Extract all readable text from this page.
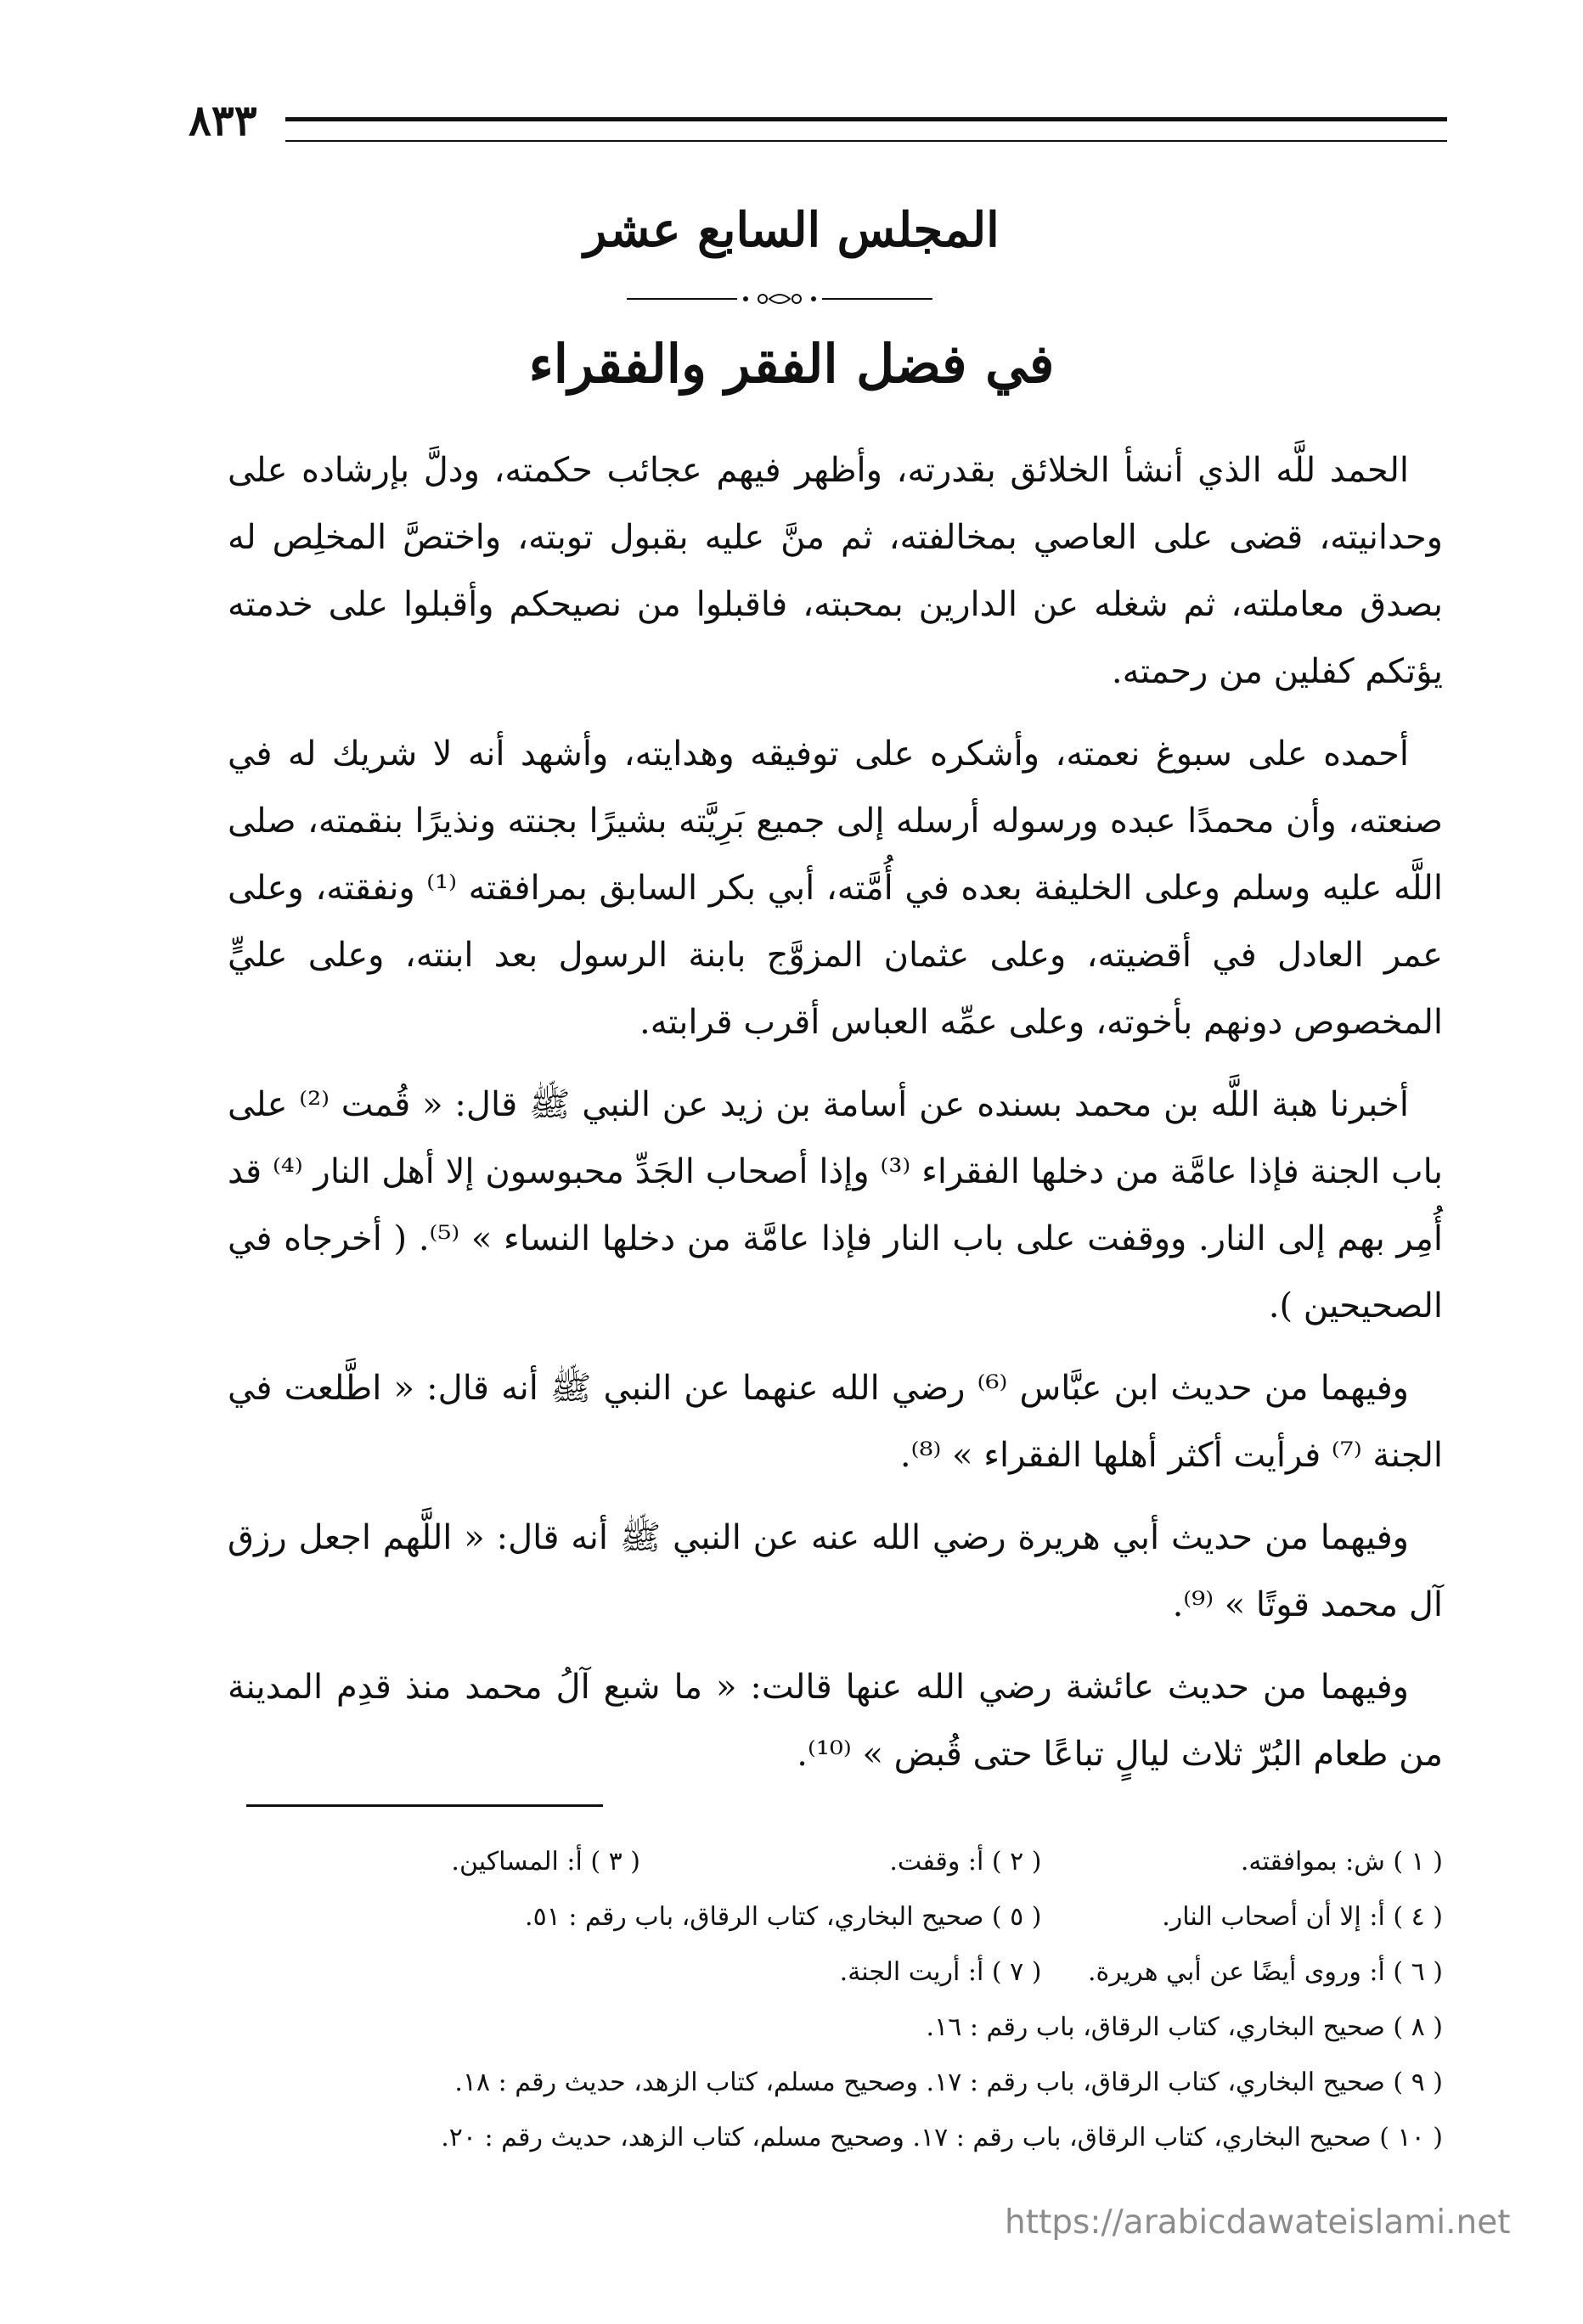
٨٣٣
المجلس السابع عشر
في فضل الفقر والفقراء

الحمد للَّه الذي أنشأ الخلائق بقدرته، وأظهر فيهم عجائب حكمته، ودلَّ بإرشاده على وحدانيته، قضى على العاصي بمخالفته، ثم منَّ عليه بقبول توبته، واختصَّ المخلِص له بصدق معاملته، ثم شغله عن الدارين بمحبته، فاقبلوا من نصيحكم وأقبلوا على خدمته يؤتكم كفلين من رحمته.

أحمده على سبوغ نعمته، وأشكره على توفيقه وهدايته، وأشهد أنه لا شريك له في صنعته، وأن محمدًا عبده ورسوله أرسله إلى جميع بَرِيَّته بشيرًا بجنته ونذيرًا بنقمته، صلى اللَّه عليه وسلم وعلى الخليفة بعده في أُمَّته، أبي بكر السابق بمرافقته ⁽¹⁾ ونفقته، وعلى عمر العادل في أقضيته، وعلى عثمان المزوَّج بابنة الرسول بعد ابنته، وعلى عليٍّ المخصوص دونهم بأخوته، وعلى عمِّه العباس أقرب قرابته.

أخبرنا هبة اللَّه بن محمد بسنده عن أسامة بن زيد عن النبي ﷺ قال: « قُمت ⁽²⁾ على باب الجنة فإذا عامَّة من دخلها الفقراء ⁽³⁾ وإذا أصحاب الجَدِّ محبوسون إلا أهل النار ⁽⁴⁾ قد أُمِر بهم إلى النار. ووقفت على باب النار فإذا عامَّة من دخلها النساء » ⁽⁵⁾. ( أخرجاه في الصحيحين ).

وفيهما من حديث ابن عبَّاس ⁽⁶⁾ رضي الله عنهما عن النبي ﷺ أنه قال: « اطَّلعت في الجنة ⁽⁷⁾ فرأيت أكثر أهلها الفقراء » ⁽⁸⁾.

وفيهما من حديث أبي هريرة رضي الله عنه عن النبي ﷺ أنه قال: « اللَّهم اجعل رزق آل محمد قوتًا » ⁽⁹⁾.

وفيهما من حديث عائشة رضي الله عنها قالت: « ما شبع آلُ محمد منذ قدِم المدينة من طعام البُرّ ثلاث ليالٍ تباعًا حتى قُبض » ⁽¹⁰⁾.

( ١ ) ش: بموافقته.
( ٢ ) أ: وقفت.
( ٣ ) أ: المساكين.
( ٤ ) أ: إلا أن أصحاب النار.
( ٥ ) صحيح البخاري، كتاب الرقاق، باب رقم : ٥١.
( ٦ ) أ: وروى أيضًا عن أبي هريرة.
( ٧ ) أ: أريت الجنة.
( ٨ ) صحيح البخاري، كتاب الرقاق، باب رقم : ١٦.
( ٩ ) صحيح البخاري، كتاب الرقاق، باب رقم : ١٧. وصحيح مسلم، كتاب الزهد، حديث رقم : ١٨.
( ١٠ ) صحيح البخاري، كتاب الرقاق، باب رقم : ١٧. وصحيح مسلم، كتاب الزهد، حديث رقم : ٢٠.
https://arabicdawateislami.net
